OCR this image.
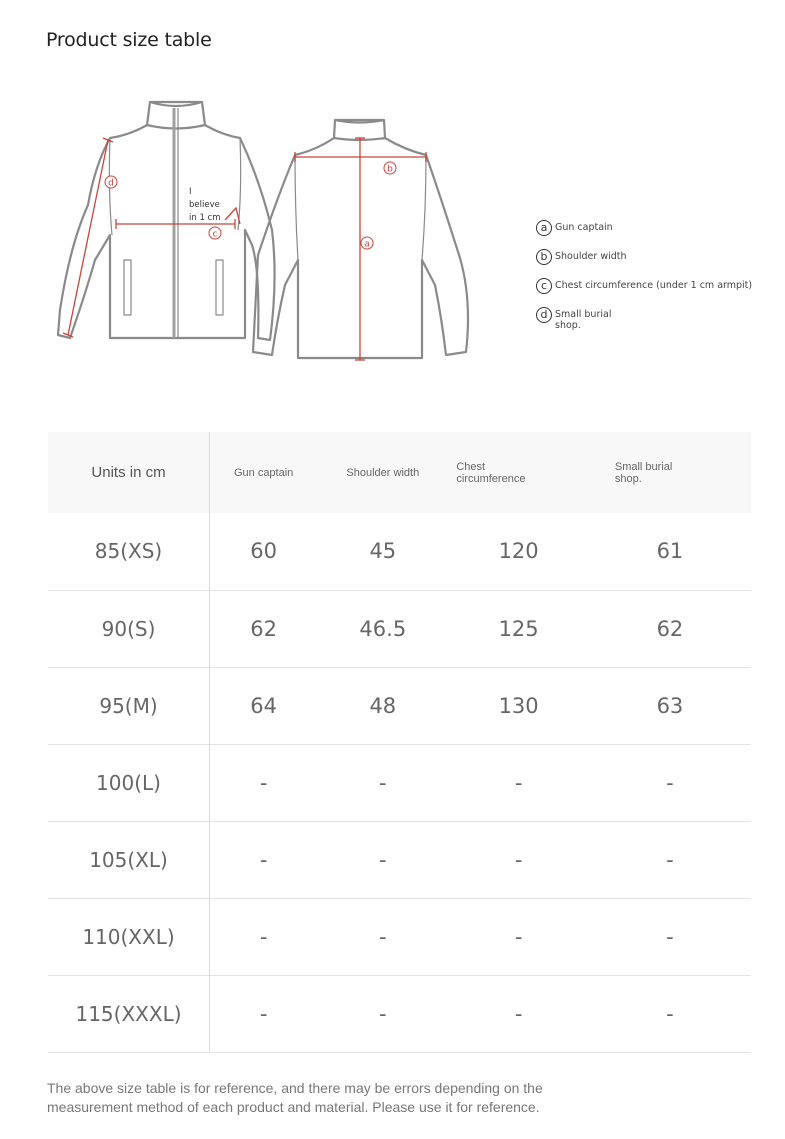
Product size table
d
c
b
a
I believe in 1 cm
a Gun captain
b Shoulder width
c Chest circumference (under 1 cm armpit)
d Small burial shop.
Units in cm	Gun captain	Shoulder width	Chest circumference	Small burial shop.

85(XS)	60	45	120	61
90(S)	62	46.5	125	62
95(M)	64	48	130	63
100(L)	-	-	-	-
105(XL)	-	-	-	-
110(XXL)	-	-	-	-
115(XXXL)	-	-	-	-
The above size table is for reference, and there may be errors depending on the measurement method of each product and material. Please use it for reference.
